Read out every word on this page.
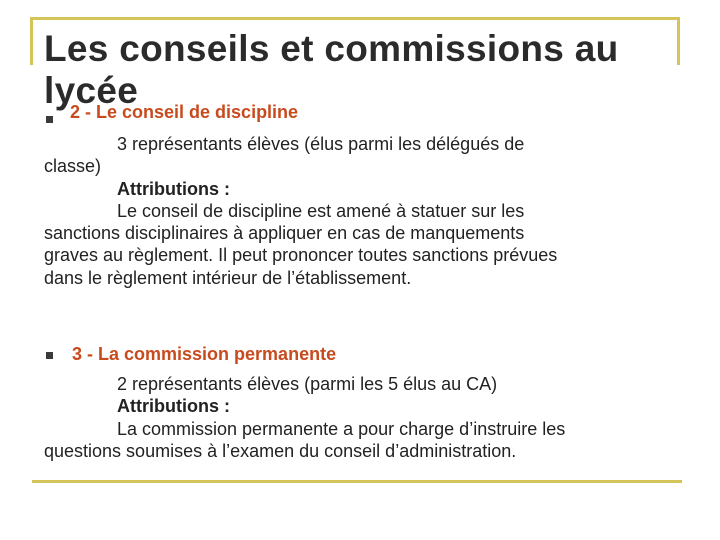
Les conseils et commissions au lycée
2 - Le conseil de discipline
3 représentants élèves (élus parmi les délégués de
classe)
Attributions :
Le conseil de discipline est amené à statuer sur les
sanctions disciplinaires à appliquer en cas de manquements
graves au règlement. Il peut prononcer toutes sanctions prévues
dans le règlement intérieur de l’établissement.
3 - La commission permanente
2 représentants élèves (parmi les 5 élus au CA)
Attributions :
La commission permanente a pour charge d’instruire les
questions soumises à l’examen du conseil d’administration.
